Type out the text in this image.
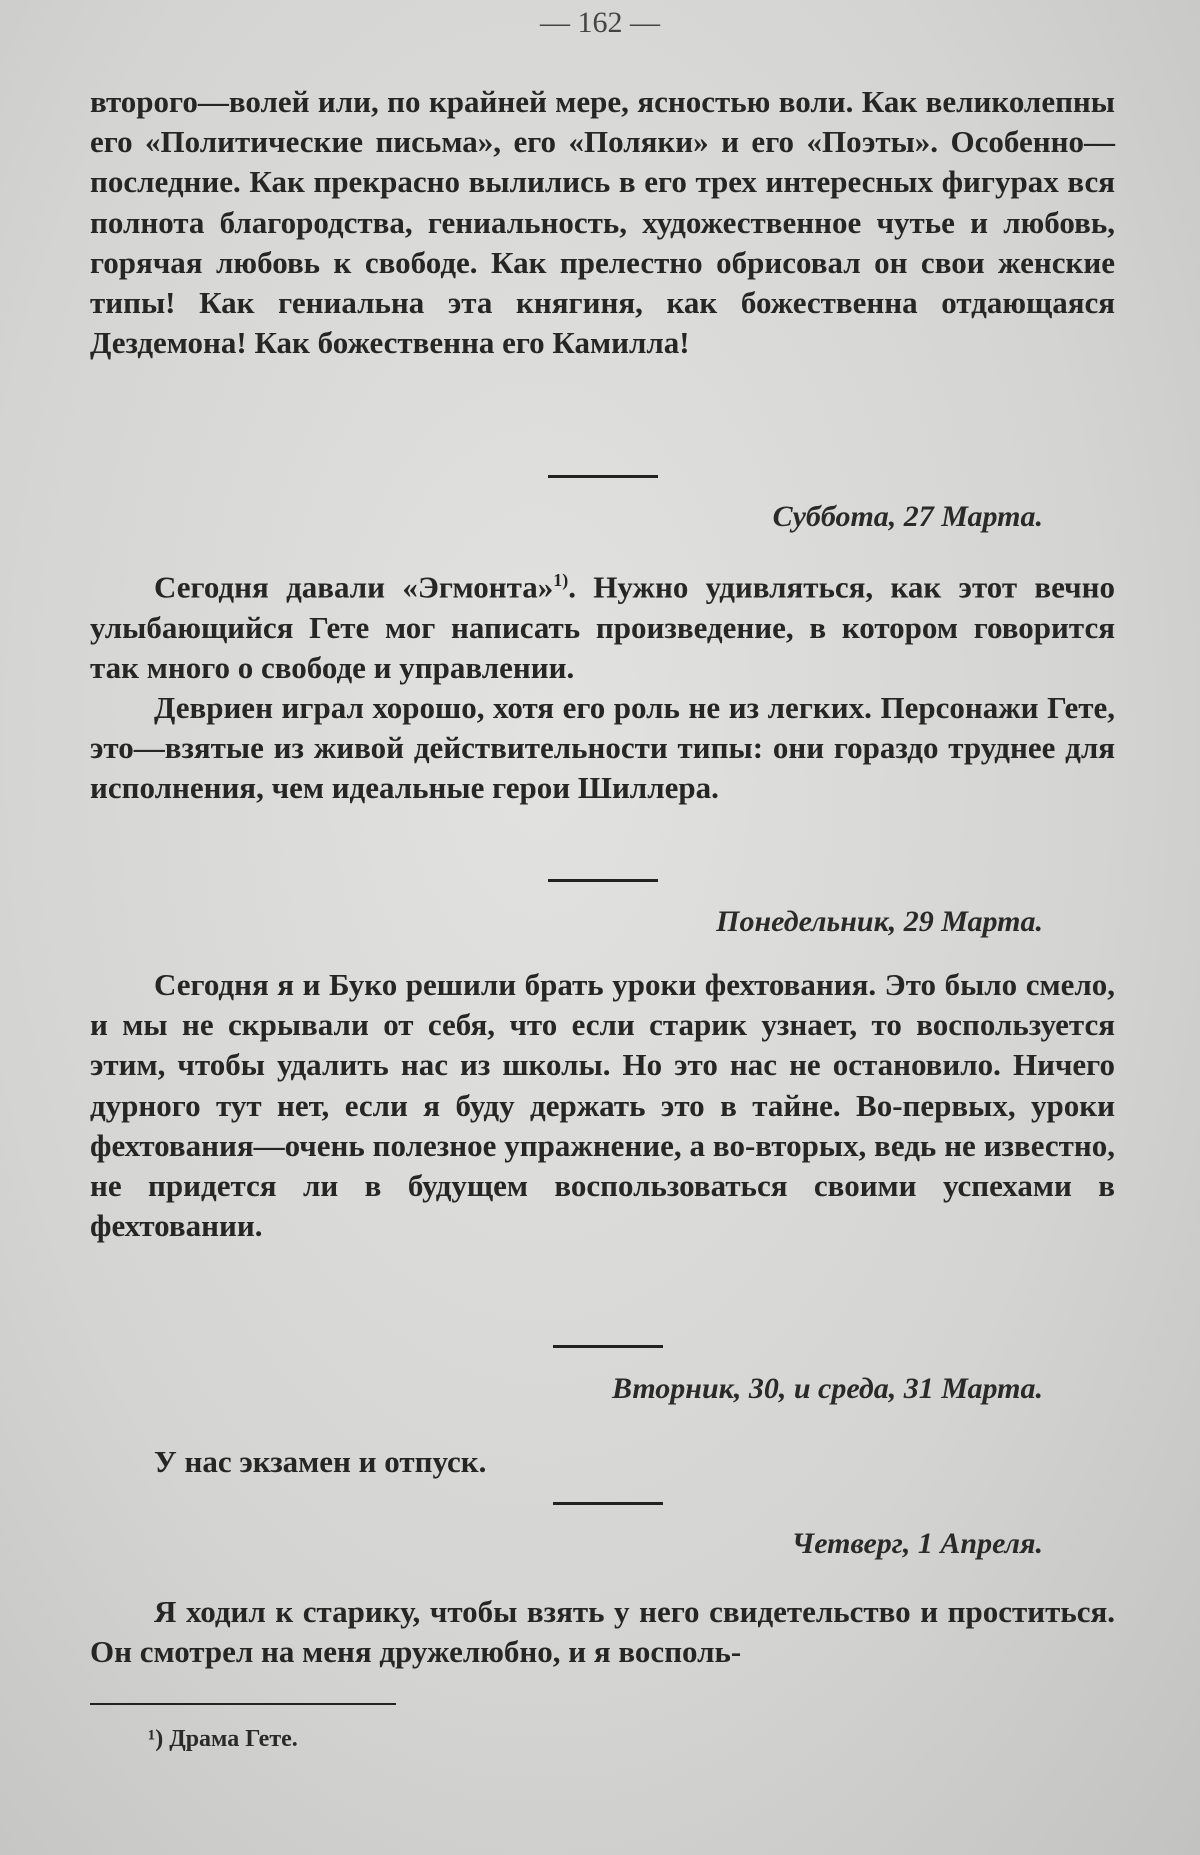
— 162 —

второго—волей или, по крайней мере, ясностью воли. Как великолепны его «Политические письма», его «Поляки» и его «Поэты». Особенно—последние. Как прекрасно вылились в его трех интересных фигурах вся полнота благородства, гениальность, художественное чутье и любовь, горячая любовь к свободе. Как прелестно обрисовал он свои женские типы! Как гениальна эта княгиня, как божественна отдающаяся Дездемона! Как божественна его Камилла!

Суббота, 27 Марта.

Сегодня давали «Эгмонта»$^{1)}$. Нужно удивляться, как этот вечно улыбающийся Гете мог написать произведение, в котором говорится так много о свободе и управлении.

Девриен играл хорошо, хотя его роль не из легких. Персонажи Гете, это—взятые из живой действительности типы: они гораздо труднее для исполнения, чем идеальные герои Шиллера.

Понедельник, 29 Марта.

Сегодня я и Буко решили брать уроки фехтования. Это было смело, и мы не скрывали от себя, что если старик узнает, то воспользуется этим, чтобы удалить нас из школы. Но это нас не остановило. Ничего дурного тут нет, если я буду держать это в тайне. Во-первых, уроки фехтования—очень полезное упражнение, а во-вторых, ведь не известно, не придется ли в будущем воспользоваться своими успехами в фехтовании.

Вторник, 30, и среда, 31 Марта.

У нас экзамен и отпуск.

Четверг, 1 Апреля.

Я ходил к старику, чтобы взять у него свидетельство и проститься. Он смотрел на меня дружелюбно, и я восполь-

¹) Драма Гете.
